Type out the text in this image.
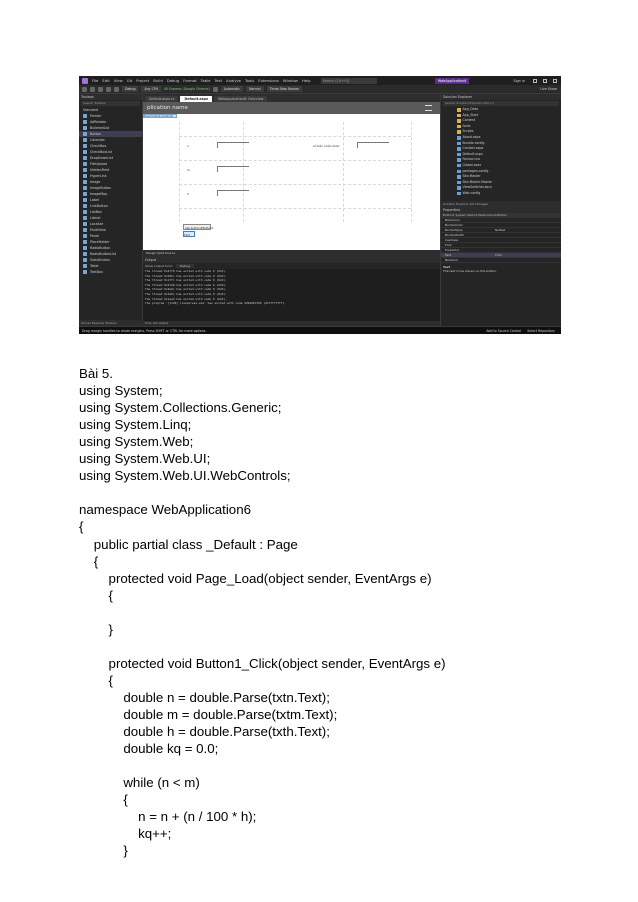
File Edit View Git Project Build Debug Format Table Test Analyze Tools Extensions Window Help	Search (Ctrl+Q)	WebApplication6	Sign in
Debug	Any CPU	IIS Express (Google Chrome)	Automatic	Normal	Times New Roman	Live Share
Toolbox
Search Toolbox
Standard
Pointer
AdRotator
BulletedList
Button
Calendar
CheckBox
CheckBoxList
DropDownList
FileUpload
HiddenField
HyperLink
Image
ImageButton
ImageMap
Label
LinkButton
ListBox
Literal
Localize
MultiView
Panel
PlaceHolder
RadioButton
RadioButtonList
Substitution
Table
TextBox
Server Explorer Toolbox
Default.aspx.cs	Default.aspx	WebApplication6: Overview
plication name
MainContent (Custom)
n
m
h
số tiền nhận được
asp:button#Button1
Tính
Design Split Source
Output
Show output from: Debug
The thread 0x47f0 has exited with code 0 (0x0).
The thread 0x25bc has exited with code 0 (0x0).
The thread 0x17fc has exited with code 0 (0x0).
The thread 0x4fa8 has exited with code 0 (0x0).
The thread 0x4e6c has exited with code 0 (0x0).
The thread 0x3e0c has exited with code 0 (0x0).
The thread 0x1ae4 has exited with code 0 (0x0).
The program '[1128] iisexpress.exe' has exited with code 4294967295 (0xffffffff).
Error List Output
Solution Explorer
Search Solution Explorer (Ctrl+;)
App_Data
App_Start
Content
fonts
Scripts
About.aspx
Bundle.config
Contact.aspx
Default.aspx
Favicon.ico
Global.asax
packages.config
Site.Master
Site.Mobile.Master
ViewSwitcher.ascx
Web.config
Solution Explorer Git Changes
Properties
Button1 System.Web.UI.WebControls.Button
BackColor
BorderColor
BorderStyle	NotSet
BorderWidth
CssClass
Font
ForeColor
Text	Tính
Behavior
Text
The text to be shown on the button.
Drag margin handles to resize margins. Press SHIFT or CTRL for more options.	Add to Source Control Select Repository
Bài 5.
using System;
using System.Collections.Generic;
using System.Linq;
using System.Web;
using System.Web.UI;
using System.Web.UI.WebControls;
namespace WebApplication6
{
public partial class _Default : Page
{
protected void Page_Load(object sender, EventArgs e)
{
}
protected void Button1_Click(object sender, EventArgs e)
{
double n = double.Parse(txtn.Text);
double m = double.Parse(txtm.Text);
double h = double.Parse(txth.Text);
double kq = 0.0;
while (n < m)
{
n = n + (n / 100 * h);
kq++;
}
